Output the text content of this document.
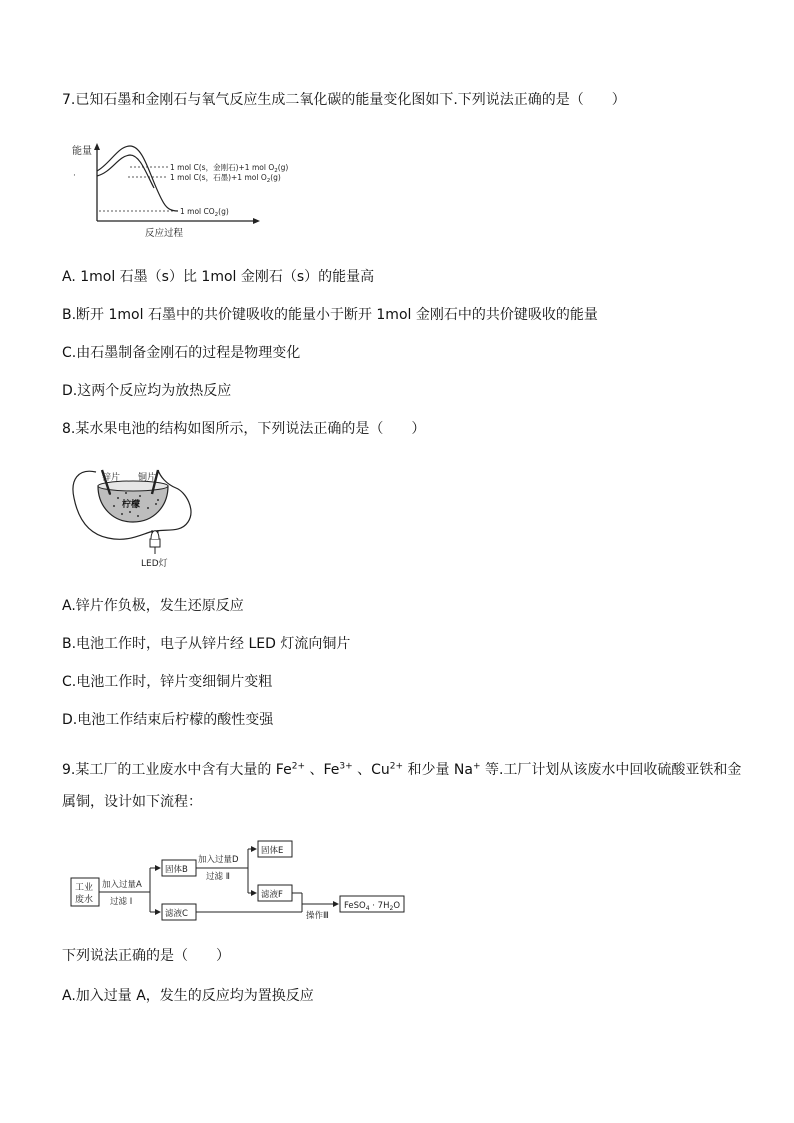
7.已知石墨和金刚石与氧气反应生成二氧化碳的能量变化图如下.下列说法正确的是（　　）
能量
·
1 mol C(s，金刚石)+1 mol $O_2(g)$
1 mol C(s，石墨)+1 mol $O_2(g)$
1 mol $CO_2(g)$
反应过程
A. 1mol 石墨（s）比 1mol 金刚石（s）的能量高
B.断开 1mol 石墨中的共价键吸收的能量小于断开 1mol 金刚石中的共价键吸收的能量
C.由石墨制备金刚石的过程是物理变化
D.这两个反应均为放热反应
8.某水果电池的结构如图所示，下列说法正确的是（　　）
锌片 铜片
柠檬
LED灯
A.锌片作负极，发生还原反应
B.电池工作时，电子从锌片经 LED 灯流向铜片
C.电池工作时，锌片变细铜片变粗
D.电池工作结束后柠檬的酸性变强
9.某工厂的工业废水中含有大量的 $Fe^{2+}$ 、$Fe^{3+}$ 、$Cu^{2+}$ 和少量 Na+ 等.工厂计划从该废水中回收硫酸亚铁和金
属铜，设计如下流程：
工业
废水
加入过量A
过滤 Ⅰ
固体B
滤液C
加入过量D
过滤 Ⅱ
固体E
滤液F
操作Ⅲ
FeSO$_4$ · $7H_2O$
下列说法正确的是（　　）
A.加入过量 A，发生的反应均为置换反应
